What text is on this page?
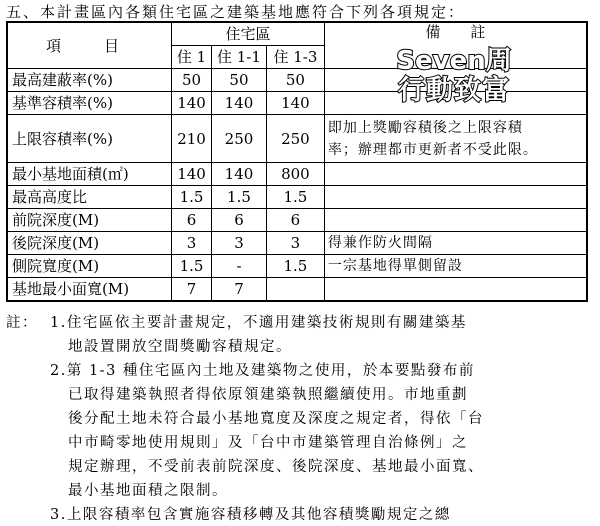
五、本計畫區內各類住宅區之建築基地應符合下列各項規定：
項　目	住宅區			備　　註
	住 1	住 1-1	住 1-3	
最高建蔽率(%)	50	50	50	
基準容積率(%)	140	140	140	
上限容積率(%)	210	250	250	即加上獎勵容積後之上限容積
率；辦理都市更新者不受此限。

最小基地面積(㎡)	140	140	800	
最高高度比	1.5	1.5	1.5	
前院深度(M)	6	6	6	
後院深度(M)	3	3	3	得兼作防火間隔
側院寬度(M)	1.5	-	1.5	一宗基地得單側留設
基地最小面寬(M)	7	7		
Seven周
行動致富
註： 1.住宅區依主要計畫規定，不適用建築技術規則有關建築基
地設置開放空間獎勵容積規定。
2.第 1-3 種住宅區內土地及建築物之使用，於本要點發布前
已取得建築執照者得依原領建築執照繼續使用。市地重劃
後分配土地未符合最小基地寬度及深度之規定者，得依「台
中市畸零地使用規則」及「台中市建築管理自治條例」之
規定辦理，不受前表前院深度、後院深度、基地最小面寬、
最小基地面積之限制。
3.上限容積率包含實施容積移轉及其他容積獎勵規定之總
